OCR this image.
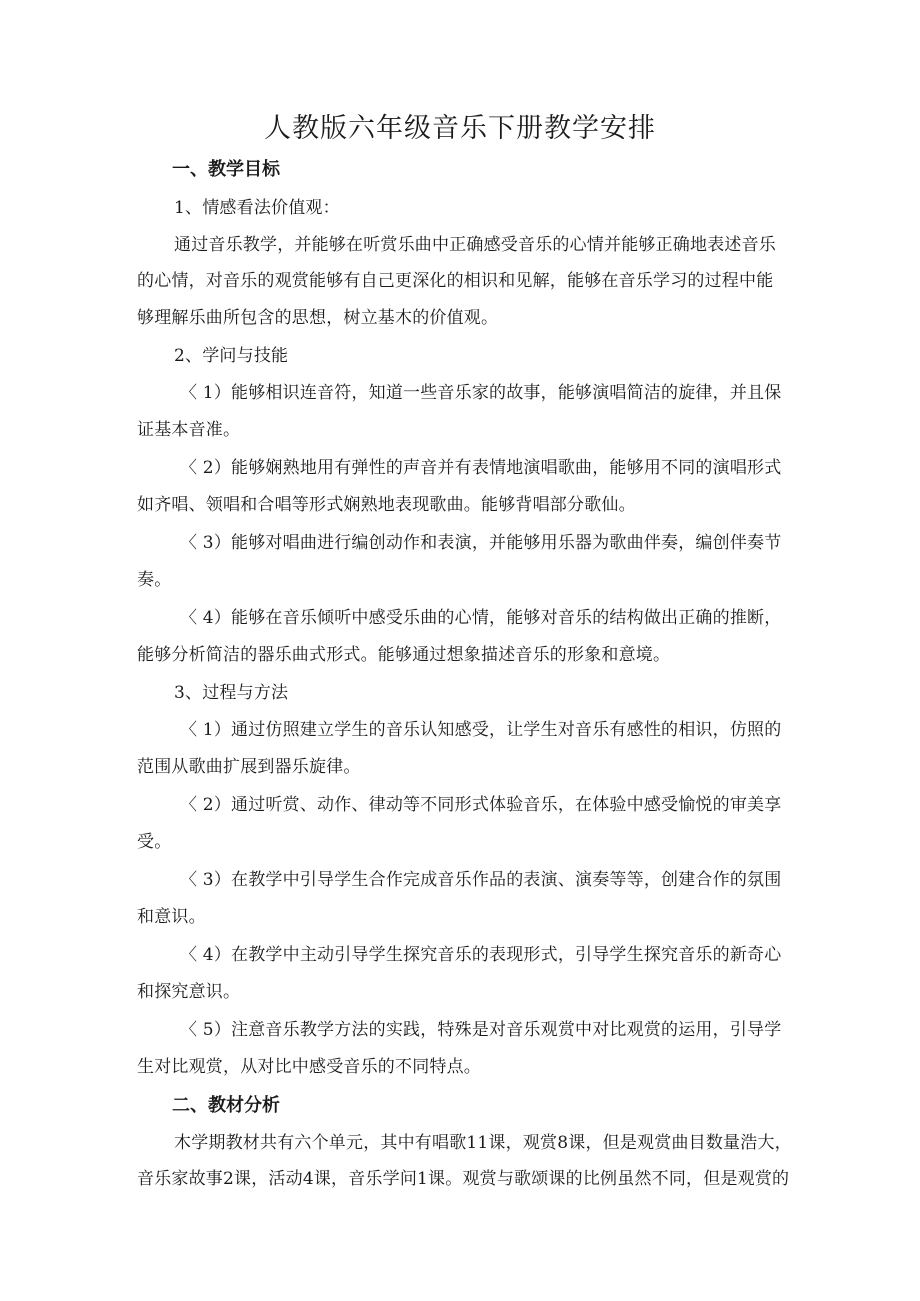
人教版六年级音乐下册教学安排
一、教学目标
1、情感看法价值观：
通过音乐教学，并能够在听赏乐曲中正确感受音乐的心情并能够正确地表述音乐
的心情，对音乐的观赏能够有自己更深化的相识和见解，能够在音乐学习的过程中能
够理解乐曲所包含的思想，树立基木的价值观。
2、学问与技能
〈 1）能够相识连音符，知道一些音乐家的故事，能够演唱简洁的旋律，并且保
证基本音准。
〈 2）能够娴熟地用有弹性的声音并有表情地演唱歌曲，能够用不同的演唱形式
如齐唱、领唱和合唱等形式娴熟地表现歌曲。能够背唱部分歌仙。
〈 3）能够对唱曲进行编创动作和表演，并能够用乐器为歌曲伴奏，编创伴奏节
奏。
〈 4）能够在音乐倾听中感受乐曲的心情，能够对音乐的结构做出正确的推断，
能够分析简洁的器乐曲式形式。能够通过想象描述音乐的形象和意境。
3、过程与方法
〈 1）通过仿照建立学生的音乐认知感受，让学生对音乐有感性的相识，仿照的
范围从歌曲扩展到器乐旋律。
〈 2）通过听赏、动作、律动等不同形式体验音乐，在体验中感受愉悦的审美享
受。
〈 3）在教学中引导学生合作完成音乐作品的表演、演奏等等，创建合作的氛围
和意识。
〈 4）在教学中主动引导学生探究音乐的表现形式，引导学生探究音乐的新奇心
和探究意识。
〈 5）注意音乐教学方法的实践，特殊是对音乐观赏中对比观赏的运用，引导学
生对比观赏，从对比中感受音乐的不同特点。
二、教材分析
木学期教材共有六个单元，其中有唱歌11课，观赏8课，但是观赏曲目数量浩大，
音乐家故事2课，活动4课，音乐学问1课。观赏与歌颂课的比例虽然不同，但是观赏的
